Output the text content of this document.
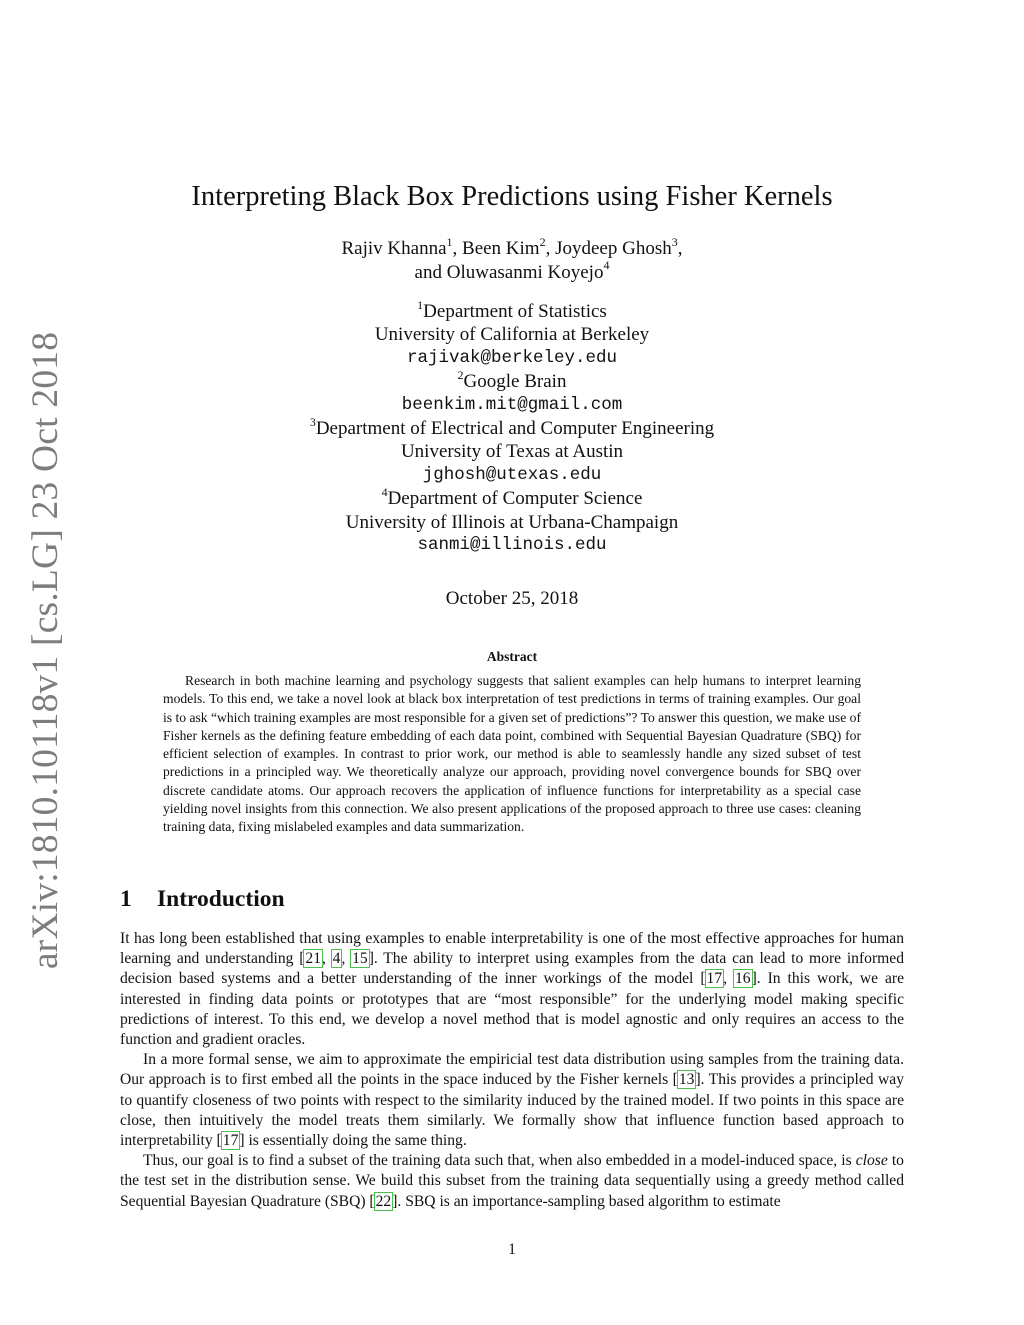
arXiv:1810.10118v1 [cs.LG] 23 Oct 2018
Interpreting Black Box Predictions using Fisher Kernels
Rajiv Khanna$^1$, Been Kim$^2$, Joydeep Ghosh$^3$,
and Oluwasanmi Koyejo$^4$
$^1$Department of Statistics
University of California at Berkeley
rajivak@berkeley.edu
$^2$Google Brain
beenkim.mit@gmail.com
$^3$Department of Electrical and Computer Engineering
University of Texas at Austin
jghosh@utexas.edu
$^4$Department of Computer Science
University of Illinois at Urbana-Champaign
sanmi@illinois.edu
October 25, 2018
Abstract

Research in both machine learning and psychology suggests that salient examples can help humans to interpret learning models. To this end, we take a novel look at black box interpretation of test predictions in terms of training examples. Our goal is to ask “which training examples are most responsible for a given set of predictions”? To answer this question, we make use of Fisher kernels as the defining feature embedding of each data point, combined with Sequential Bayesian Quadrature (SBQ) for efficient selection of examples. In contrast to prior work, our method is able to seamlessly handle any sized subset of test predictions in a principled way. We theoretically analyze our approach, providing novel convergence bounds for SBQ over discrete candidate atoms. Our approach recovers the application of influence functions for interpretability as a special case yielding novel insights from this connection. We also present applications of the proposed approach to three use cases: cleaning training data, fixing mislabeled examples and data summarization.

1 Introduction

It has long been established that using examples to enable interpretability is one of the most effective approaches for human learning and understanding [21, 4, 15]. The ability to interpret using examples from the data can lead to more informed decision based systems and a better understanding of the inner workings of the model [17, 16]. In this work, we are interested in finding data points or prototypes that are “most responsible” for the underlying model making specific predictions of interest. To this end, we develop a novel method that is model agnostic and only requires an access to the function and gradient oracles.

In a more formal sense, we aim to approximate the empiricial test data distribution using samples from the training data. Our approach is to first embed all the points in the space induced by the Fisher kernels [13]. This provides a principled way to quantify closeness of two points with respect to the similarity induced by the trained model. If two points in this space are close, then intuitively the model treats them similarly. We formally show that influence function based approach to interpretability [17] is essentially doing the same thing.

Thus, our goal is to find a subset of the training data such that, when also embedded in a model-induced space, is close to the test set in the distribution sense. We build this subset from the training data sequentially using a greedy method called Sequential Bayesian Quadrature (SBQ) [22]. SBQ is an importance-sampling based algorithm to estimate

1
